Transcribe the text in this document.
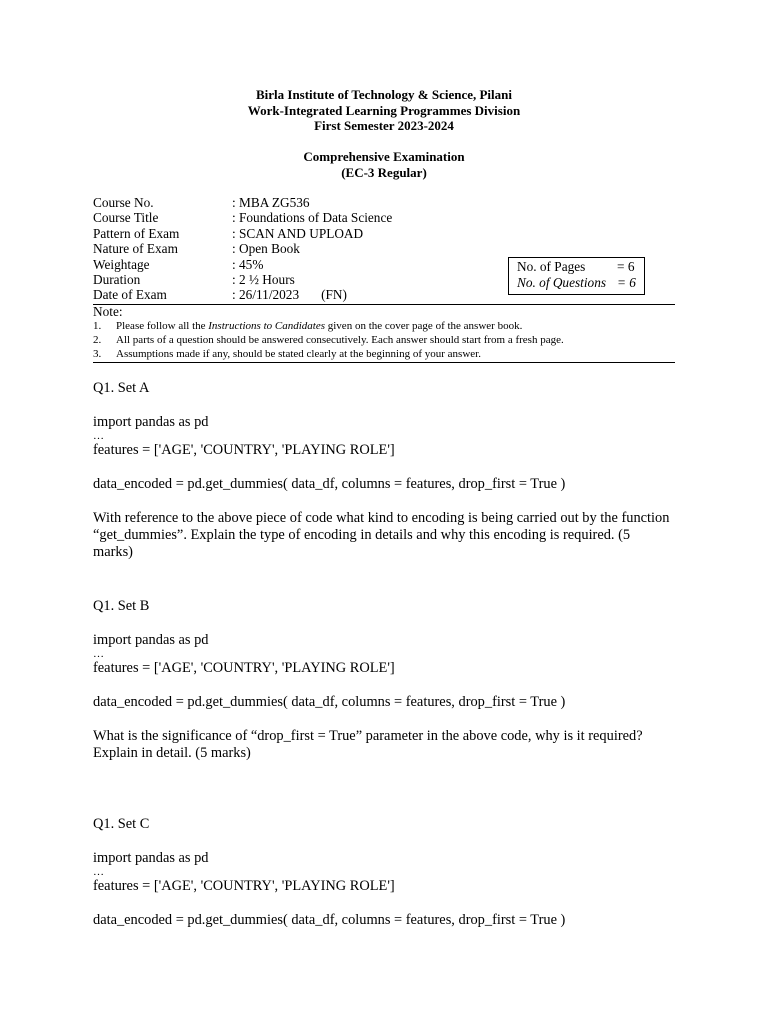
Birla Institute of Technology & Science, Pilani
Work-Integrated Learning Programmes Division
First Semester 2023-2024
Comprehensive Examination
(EC-3 Regular)
Course No.	: MBA ZG536
Course Title	: Foundations of Data Science
Pattern of Exam	: SCAN AND UPLOAD
Nature of Exam	: Open Book
Weightage	: 45%
Duration	: 2 ½ Hours
Date of Exam	: 26/11/2023 (FN)
No. of Pages	= 6
No. of Questions = 6
Note:
1.	Please follow all the Instructions to Candidates given on the cover page of the answer book.
2.	All parts of a question should be answered consecutively. Each answer should start from a fresh page.
3.	Assumptions made if any, should be stated clearly at the beginning of your answer.
Q1. Set A
import pandas as pd
…
features = ['AGE', 'COUNTRY', 'PLAYING ROLE']
data_encoded = pd.get_dummies( data_df, columns = features, drop_first = True )
With reference to the above piece of code what kind to encoding is being carried out by the function “get_dummies”. Explain the type of encoding in details and why this encoding is required. (5 marks)
Q1. Set B
import pandas as pd
…
features = ['AGE', 'COUNTRY', 'PLAYING ROLE']
data_encoded = pd.get_dummies( data_df, columns = features, drop_first = True )
What is the significance of “drop_first = True” parameter in the above code, why is it required? Explain in detail. (5 marks)
Q1. Set C
import pandas as pd
…
features = ['AGE', 'COUNTRY', 'PLAYING ROLE']
data_encoded = pd.get_dummies( data_df, columns = features, drop_first = True )
